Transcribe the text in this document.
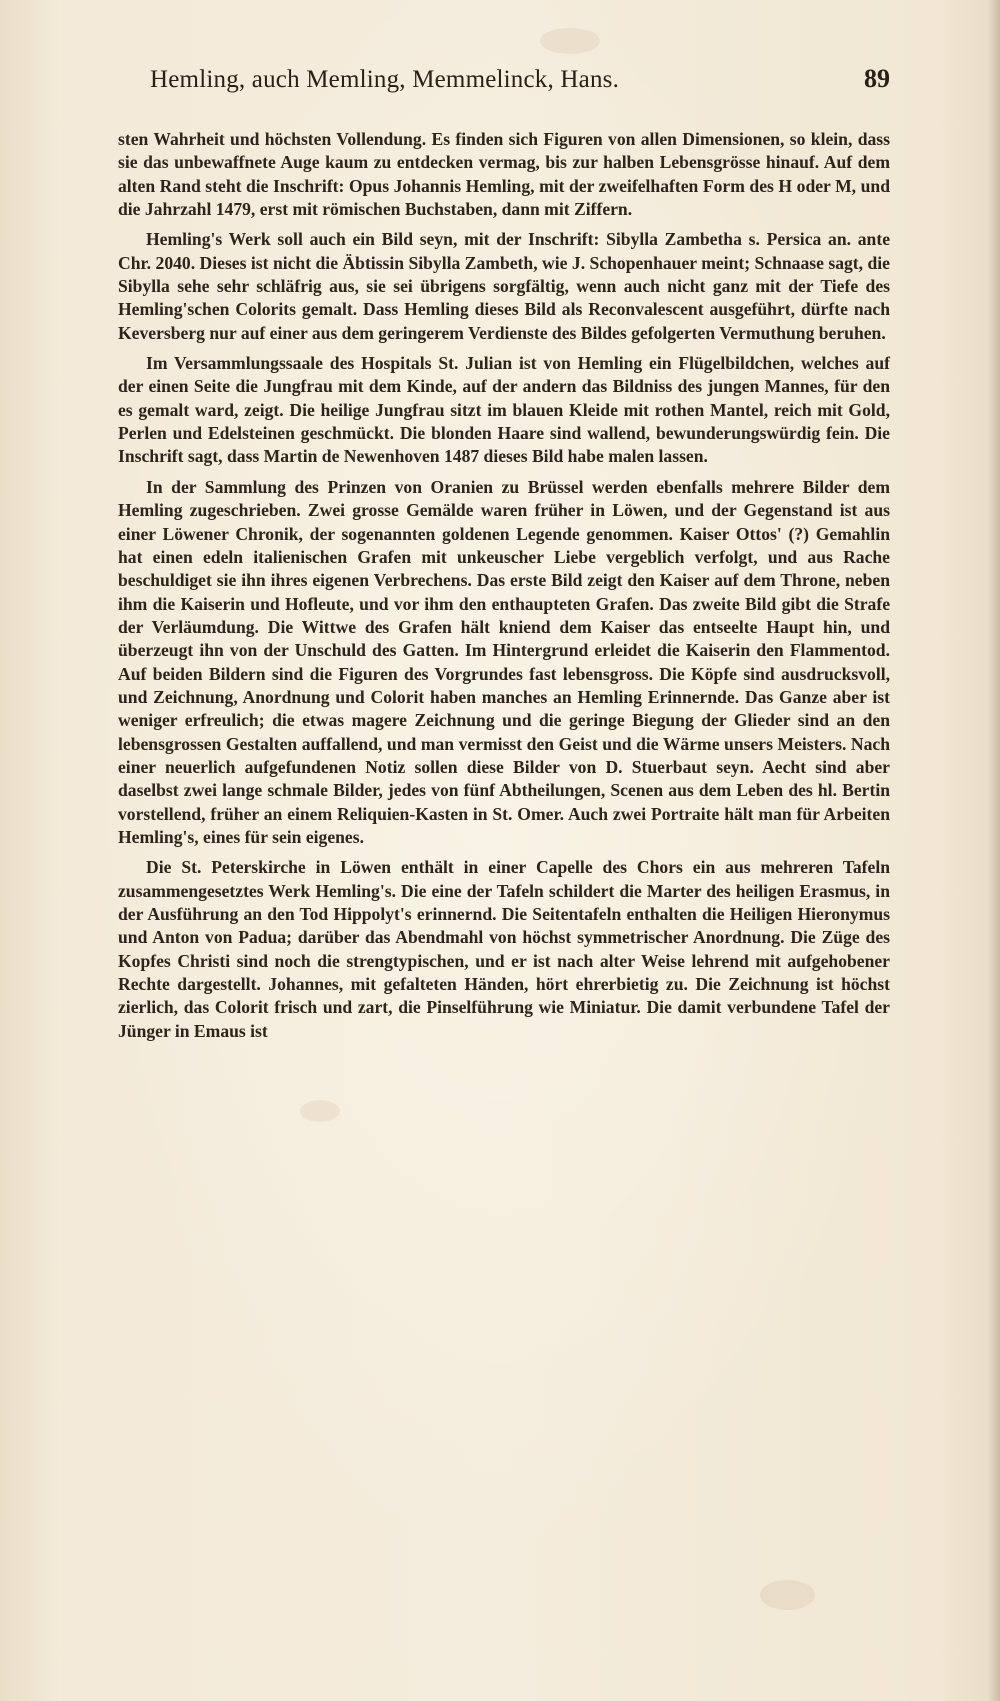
Hemling, auch Memling, Memmelinck, Hans.	89

sten Wahrheit und höchsten Vollendung. Es finden sich Figuren von allen Dimensionen, so klein, dass sie das unbewaffnete Auge kaum zu entdecken vermag, bis zur halben Lebensgrösse hinauf. Auf dem alten Rand steht die Inschrift: Opus Johannis Hemling, mit der zweifelhaften Form des H oder M, und die Jahrzahl 1479, erst mit römischen Buchstaben, dann mit Ziffern.

Hemling's Werk soll auch ein Bild seyn, mit der Inschrift: Sibylla Zambetha s. Persica an. ante Chr. 2040. Dieses ist nicht die Äbtissin Sibylla Zambeth, wie J. Schopenhauer meint; Schnaase sagt, die Sibylla sehe sehr schläfrig aus, sie sei übrigens sorgfältig, wenn auch nicht ganz mit der Tiefe des Hemling'schen Colorits gemalt. Dass Hemling dieses Bild als Reconvalescent ausgeführt, dürfte nach Keversberg nur auf einer aus dem geringerem Verdienste des Bildes gefolgerten Vermuthung beruhen.

Im Versammlungssaale des Hospitals St. Julian ist von Hemling ein Flügelbildchen, welches auf der einen Seite die Jungfrau mit dem Kinde, auf der andern das Bildniss des jungen Mannes, für den es gemalt ward, zeigt. Die heilige Jungfrau sitzt im blauen Kleide mit rothen Mantel, reich mit Gold, Perlen und Edelsteinen geschmückt. Die blonden Haare sind wallend, bewunderungswürdig fein. Die Inschrift sagt, dass Martin de Newenhoven 1487 dieses Bild habe malen lassen.

In der Sammlung des Prinzen von Oranien zu Brüssel werden ebenfalls mehrere Bilder dem Hemling zugeschrieben. Zwei grosse Gemälde waren früher in Löwen, und der Gegenstand ist aus einer Löwener Chronik, der sogenannten goldenen Legende genommen. Kaiser Ottos' (?) Gemahlin hat einen edeln italienischen Grafen mit unkeuscher Liebe vergeblich verfolgt, und aus Rache beschuldiget sie ihn ihres eigenen Verbrechens. Das erste Bild zeigt den Kaiser auf dem Throne, neben ihm die Kaiserin und Hofleute, und vor ihm den enthaupteten Grafen. Das zweite Bild gibt die Strafe der Verläumdung. Die Wittwe des Grafen hält kniend dem Kaiser das entseelte Haupt hin, und überzeugt ihn von der Unschuld des Gatten. Im Hintergrund erleidet die Kaiserin den Flammentod. Auf beiden Bildern sind die Figuren des Vorgrundes fast lebensgross. Die Köpfe sind ausdrucksvoll, und Zeichnung, Anordnung und Colorit haben manches an Hemling Erinnernde. Das Ganze aber ist weniger erfreulich; die etwas magere Zeichnung und die geringe Biegung der Glieder sind an den lebensgrossen Gestalten auffallend, und man vermisst den Geist und die Wärme unsers Meisters. Nach einer neuerlich aufgefundenen Notiz sollen diese Bilder von D. Stuerbaut seyn. Aecht sind aber daselbst zwei lange schmale Bilder, jedes von fünf Abtheilungen, Scenen aus dem Leben des hl. Bertin vorstellend, früher an einem Reliquien-Kasten in St. Omer. Auch zwei Portraite hält man für Arbeiten Hemling's, eines für sein eigenes.

Die St. Peterskirche in Löwen enthält in einer Capelle des Chors ein aus mehreren Tafeln zusammengesetztes Werk Hemling's. Die eine der Tafeln schildert die Marter des heiligen Erasmus, in der Ausführung an den Tod Hippolyt's erinnernd. Die Seitentafeln enthalten die Heiligen Hieronymus und Anton von Padua; darüber das Abendmahl von höchst symmetrischer Anordnung. Die Züge des Kopfes Christi sind noch die strengtypischen, und er ist nach alter Weise lehrend mit aufgehobener Rechte dargestellt. Johannes, mit gefalteten Händen, hört ehrerbietig zu. Die Zeichnung ist höchst zierlich, das Colorit frisch und zart, die Pinselführung wie Miniatur. Die damit verbundene Tafel der Jünger in Emaus ist
